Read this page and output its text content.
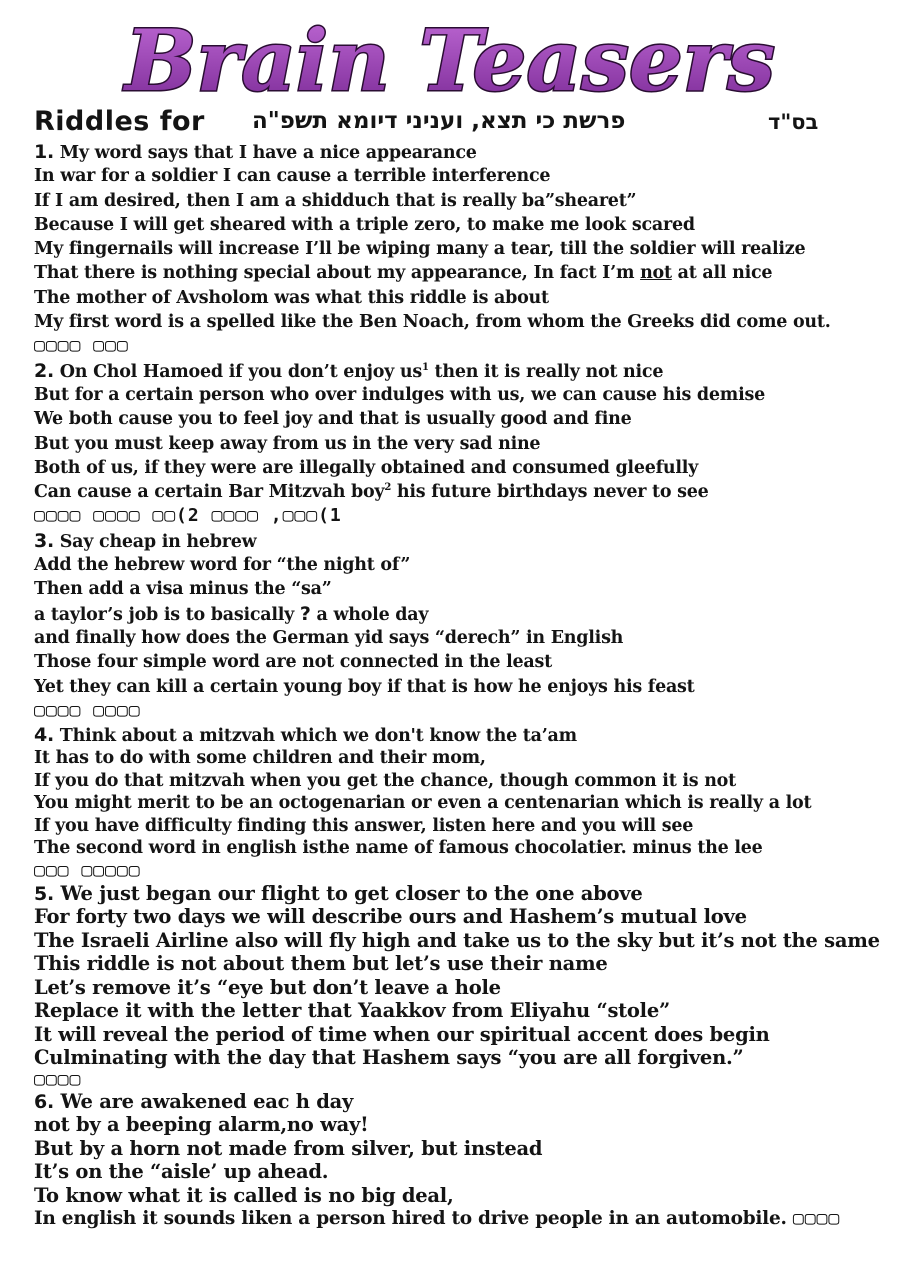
Brain Teasers
Riddles for פרשת כי תצא, ועניני דיומא תשפ"ה	בס"ד
1. My word says that I have a nice appearance
In war for a soldier I can cause a terrible interference
If I am desired, then I am a shidduch that is really ba”shearet”
Because I will get sheared with a triple zero, to make me look scared
My fingernails will increase I’ll be wiping many a tear, till the soldier will realize
That there is nothing special about my appearance, In fact I’m not at all nice
The mother of Avsholom was what this riddle is about
My first word is a spelled like the Ben Noach, from whom the Greeks did come out.
▢▢▢▢ ▢▢▢
2. On Chol Hamoed if you don’t enjoy $us^1$ then it is really not nice
But for a certain person who over indulges with us, we can cause his demise
We both cause you to feel joy and that is usually good and fine
But you must keep away from us in the very sad nine
Both of us, if they were are illegally obtained and consumed gleefully
Can cause a certain Bar Mitzvah boy$^2$ his future birthdays never to see
▢▢▢▢ ▢▢▢▢ ▢▢(2 ▢▢▢▢ ,▢▢▢(1
3. Say cheap in hebrew
Add the hebrew word for “the night of”
Then add a visa minus the “sa”
a taylor’s job is to basically ? a whole day
and finally how does the German yid says “derech” in English
Those four simple word are not connected in the least
Yet they can kill a certain young boy if that is how he enjoys his feast
▢▢▢▢ ▢▢▢▢
4. Think about a mitzvah which we don't know the ta’am
It has to do with some children and their mom,
If you do that mitzvah when you get the chance, though common it is not
You might merit to be an octogenarian or even a centenarian which is really a lot
If you have difficulty finding this answer, listen here and you will see
The second word in english isthe name of famous chocolatier. minus the lee
▢▢▢ ▢▢▢▢▢
5. We just began our flight to get closer to the one above
For forty two days we will describe ours and Hashem’s mutual love
The Israeli Airline also will fly high and take us to the sky but it’s not the same
This riddle is not about them but let’s use their name
Let’s remove it’s “eye but don’t leave a hole
Replace it with the letter that Yaakkov from Eliyahu “stole”
It will reveal the period of time when our spiritual accent does begin
Culminating with the day that Hashem says “you are all forgiven.”
▢▢▢▢
6. We are awakened eac h day
not by a beeping alarm,no way!
But by a horn not made from silver, but instead
It’s on the “aisle’ up ahead.
To know what it is called is no big deal,
In english it sounds liken a person hired to drive people in an automobile. ▢▢▢▢
